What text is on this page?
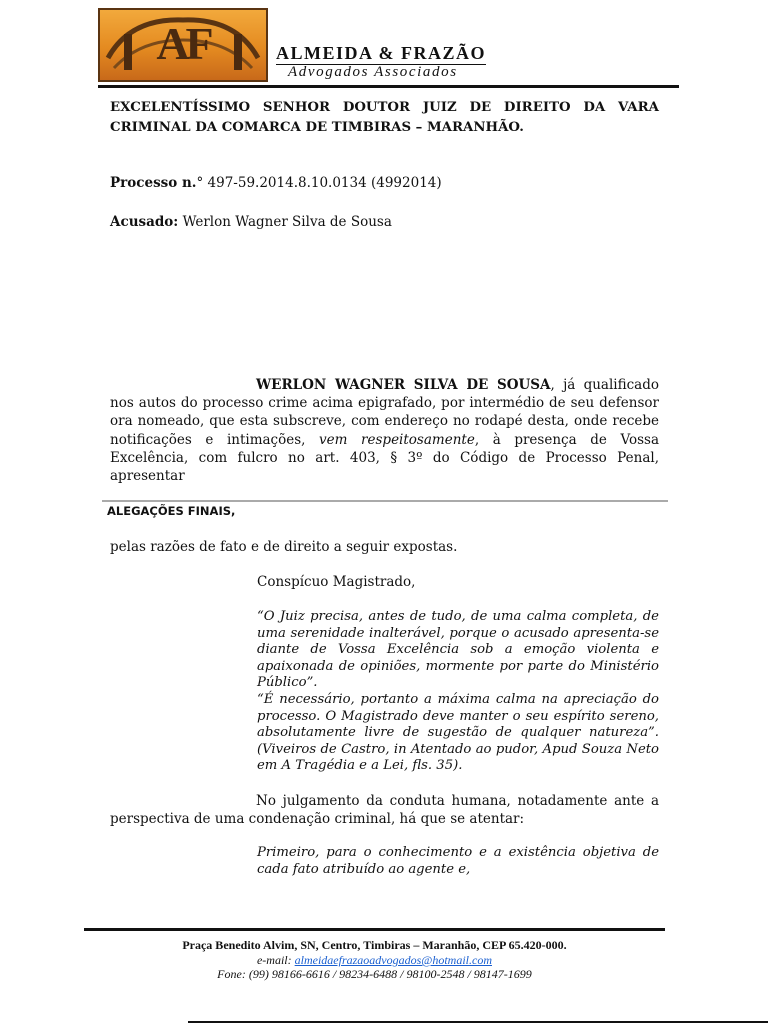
AF	ALMEIDA & FRAZÃO
Advogados Associados
EXCELENTÍSSIMO SENHOR DOUTOR JUIZ DE DIREITO DA VARA CRIMINAL DA COMARCA DE TIMBIRAS – MARANHÃO.
Processo n.° 497-59.2014.8.10.0134 (4992014)
Acusado: Werlon Wagner Silva de Sousa
WERLON WAGNER SILVA DE SOUSA, já qualificado nos autos do processo crime acima epigrafado, por intermédio de seu defensor ora nomeado, que esta subscreve, com endereço no rodapé desta, onde recebe notificações e intimações, vem respeitosamente, à presença de Vossa Excelência, com fulcro no art. 403, § 3º do Código de Processo Penal, apresentar
ALEGAÇÕES FINAIS,
pelas razões de fato e de direito a seguir expostas.
Conspícuo Magistrado,
“O Juiz precisa, antes de tudo, de uma calma completa, de uma serenidade inalterável, porque o acusado apresenta-se diante de Vossa Excelência sob a emoção violenta e apaixonada de opiniões, mormente por parte do Ministério Público”.
“É necessário, portanto a máxima calma na apreciação do processo. O Magistrado deve manter o seu espírito sereno, absolutamente livre de sugestão de qualquer natureza”. (Viveiros de Castro, in Atentado ao pudor, Apud Souza Neto em A Tragédia e a Lei, fls. 35).
No julgamento da conduta humana, notadamente ante a perspectiva de uma condenação criminal, há que se atentar:
Primeiro, para o conhecimento e a existência objetiva de cada fato atribuído ao agente e,
Praça Benedito Alvim, SN, Centro, Timbiras – Maranhão, CEP 65.420-000.
e-mail: almeidaefrazaoadvogados@hotmail.com
Fone: (99) 98166-6616 / 98234-6488 / 98100-2548 / 98147-1699
